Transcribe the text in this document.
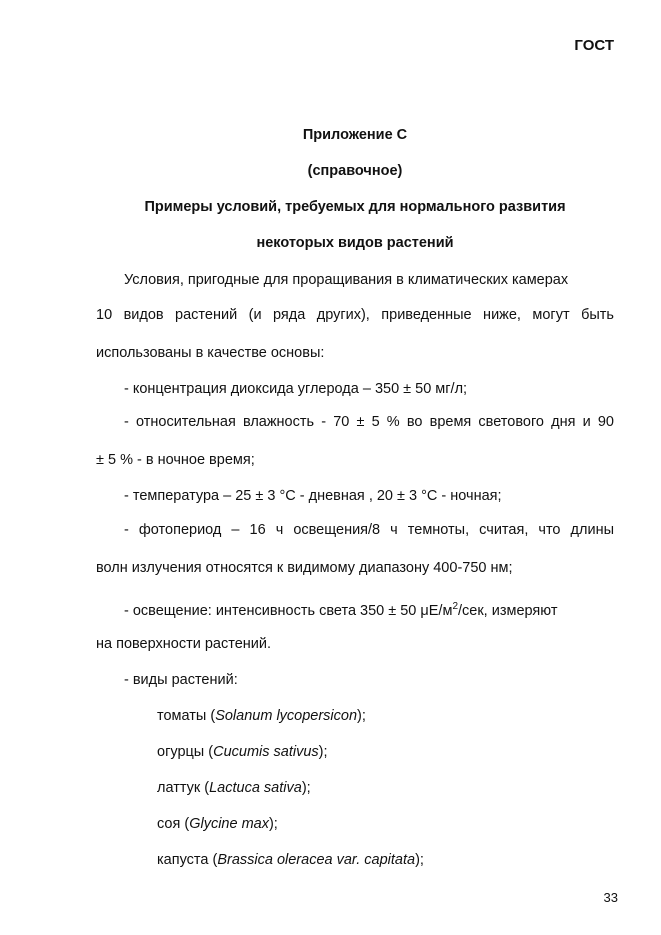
ГОСТ
Приложение С
(справочное)
Примеры условий, требуемых для нормального развития
некоторых видов растений
Условия, пригодные для проращивания в климатических камерах
10 видов растений (и ряда других), приведенные ниже, могут быть
использованы в качестве основы:
- концентрация диоксида углерода – 350 ± 50 мг/л;
- относительная влажность - 70 ± 5 % во время светового дня и 90
± 5 % - в ночное время;
- температура – 25 ± 3 °С - дневная , 20 ± 3 °С - ночная;
- фотопериод – 16 ч освещения/8 ч темноты, считая, что длины
волн излучения относятся к видимому диапазону 400-750 нм;
- освещение: интенсивность света 350 ± 50 $\mu Е/м^2$/сек, измеряют
на поверхности растений.
- виды растений:
томаты (Solanum lycopersicon);
огурцы (Cucumis sativus);
латтук (Lactuca sativa);
соя (Glycine max);
капуста (Brassica oleracea var. capitata);
33
